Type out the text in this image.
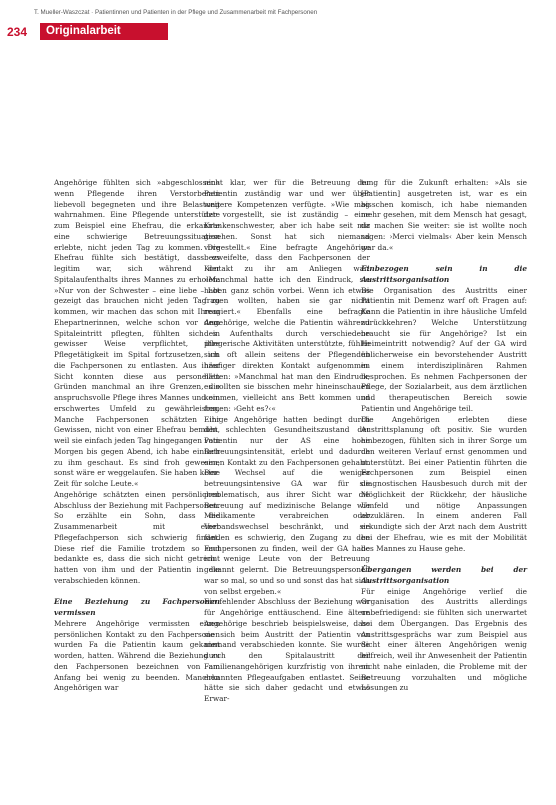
T. Mueller-Waszczat · Patientinnen und Patienten in der Pflege und Zusammenarbeit mit Fachpersonen
234	Originalarbeit

Angehörige fühlten sich »abgeschlossen« wenn Pflegende ihren Verstorbenen liebevoll begegneten und ihre Belastung wahrnahmen. Eine Pflegende unterstützte zum Beispiel eine Ehefrau, die erkannte eine schwierige Betreuungssituation erlebte, nicht jeden Tag zu kommen. Die Ehefrau fühlte sich bestätigt, dass es legitim war, sich während der Spitalaufenthalts ihres Mannes zu erholen: »Nur von der Schwester – eine liebe – Lot gezeigt das brauchen nicht jeden Tag zu kommen, wir machen das schon mit Ihrem Ehepartnerinnen, welche schon vor dem Spitaleintritt pflegten, fühlten sich in gewisser Weise verpflichtet, ihre Pflegetätigkeit im Spital fortzusetzen, um die Fachpersonen zu entlasten. Aus ihrer Sicht konnten diese aus personellen Gründen manchmal an ihre Grenzen, die anspruchsvolle Pflege ihres Mannes und ein erschwertes Umfeld zu gewährleisten. Manche Fachpersonen schätzten ihr Gewissen, nicht von einer Ehefrau bemüht, weil sie einfach jeden Tag hingegangen vom Morgen bis gegen Abend, ich habe einfach zu ihm geschaut. Es sind froh gewesen, sonst wäre er weggelaufen. Sie haben keine Zeit für solche Leute.«

Angehörige schätzten einen persönlichen Abschluss der Beziehung mit Fachpersonen. So erzählte ein Sohn, dass die Zusammenarbeit mit einer Pflegefachperson sich schwierig findet. Diese rief die Familie trotzdem so und bedankte es, dass die sich nicht getrennt hatten von ihm und der Patientin in die verabschieden können.

Eine Beziehung zu Fachpersonen vermissen

Mehrere Angehörige vermissten einen persönlichen Kontakt zu den Fachpersonen wurden Fa die Patientin kaum gekannt worden, hatten. Während die Beziehung zu den Fachpersonen bezeichnen von am Anfang bei wenig zu beenden. Manchen Angehörigen war

nicht klar, wer für die Betreuung der Patientin zuständig war und wer über weitere Kompetenzen verfügte. »Wie mag der vorgestellt, sie ist zuständig – eine Krankenschwester, aber ich habe seit mir gesehen. Sonst hat sich niemand vorgestellt.« Eine befragte Angehörige bezweifelte, dass den Fachpersonen der Kontakt zu ihr am Anliegen war: »Manchmal hatte ich den Eindruck, sie haben ganz schön vorbei. Wenn ich etwas fragen wollten, haben sie gar nicht reagiert.« Ebenfalls eine befragte Angehörige, welche die Patientin während des Aufenthalts durch verschiedene pflegerische Aktivitäten unterstützte, fühlte sich oft allein seitens der Pflegenden häufiger direkten Kontakt aufgenommen hätten: »Manchmal hat man den Eindruck, es sollten sie bisschen mehr hineinschauen kommen, vielleicht ans Bett kommen und fragen: ›Geht es?‹«

Einige Angehörige hatten bedingt durch den schlechten Gesundheitszustand der Patientin nur der AS eine hohe Betreuungsintensität, erlebt und dadurch einen Kontakt zu den Fachpersonen gehabt. Der Wechsel auf die weniger betreuungsintensive GA war für sie problematisch, aus ihrer Sicht war die Betreuung auf medizinische Belange wie Medikamente verabreichen oder Verbandswechsel beschränkt, und sie fanden es schwierig, den Zugang zu den Fachpersonen zu finden, weil der GA habe ich wenige Leute von der Betreuung gekannt gelernt. Die Betreuungspersonen war so mal, so und so und sonst das hat sich von selbst ergeben.«

Ein fehlender Abschluss der Beziehung war für Angehörige enttäuschend. Eine ältere Angehörige beschrieb beispielsweise, dass sie sich beim Austritt der Patientin von niemand verabschieden konnte. Sie wurde durch den Spitalaustritt der Familienangehörigen kurzfristig von ihrem erkannten Pflegeaufgaben entlastet. Seine hätte sie sich daher gedacht und etwas Erwar-

tung für die Zukunft erhalten: »Als sie [Patientin] ausgetreten ist, war es ein bisschen komisch, ich habe niemanden mehr gesehen, mit dem Mensch hat gesagt, da machen Sie weiter: sie ist wollte noch sagen: ›Merci vielmals‹ Aber kein Mensch war da.«

Einbezogen sein in die Austrittsorganisation

Die Organisation des Austritts einer Patientin mit Demenz warf oft Fragen auf: Kann die Patientin in ihre häusliche Umfeld zurückkehren? Welche Unterstützung braucht sie für Angehörige? Ist ein Heimeintritt notwendig? Auf der GA wird üblicherweise ein bevorstehender Austritt in einem interdisziplinären Rahmen besprochen. Es nehmen Fachpersonen der Pflege, der Sozialarbeit, aus dem ärztlichen und therapeutischen Bereich sowie Patientin und Angehörige teil.

Die Angehörigen erlebten diese Austrittsplanung oft positiv. Sie wurden einbezogen, fühlten sich in ihrer Sorge um den weiteren Verlauf ernst genommen und unterstützt. Bei einer Patientin führten die Fachpersonen zum Beispiel einen diagnostischen Hausbesuch durch mit der Möglichkeit der Rückkehr, der häusliche Umfeld und nötige Anpassungen abzuklären. In einem anderen Fall erkundigte sich der Arzt nach dem Austritt bei der Ehefrau, wie es mit der Mobilität des Mannes zu Hause gehe.

Übergangen werden bei der Austrittsorganisation

Für einige Angehörige verlief die Organisation des Austritts allerdings unbefriedigend: sie fühlten sich unerwartet bei dem Übergangen. Das Ergebnis des Austrittsgesprächs war zum Beispiel aus Sicht einer älteren Angehörigen wenig hilfreich, weil ihr Anwesenheit der Patientin nicht nahe einladen, die Probleme mit der Betreuung vorzuhalten und mögliche Lösungen zu
